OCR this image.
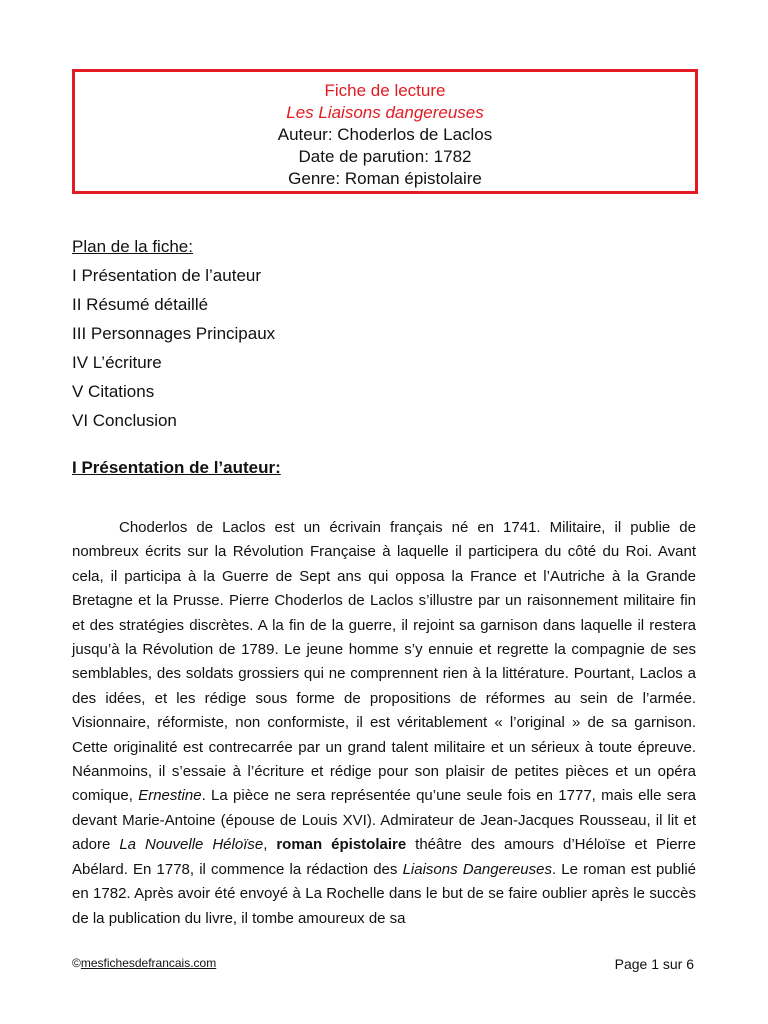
Fiche de lecture
Les Liaisons dangereuses
Auteur: Choderlos de Laclos
Date de parution: 1782
Genre: Roman épistolaire
Plan de la fiche:
I Présentation de l’auteur
II Résumé détaillé
III Personnages Principaux
IV L’écriture
V Citations
VI Conclusion
I Présentation de l’auteur:

Choderlos de Laclos est un écrivain français né en 1741. Militaire, il publie de nombreux écrits sur la Révolution Française à laquelle il participera du côté du Roi. Avant cela, il participa à la Guerre de Sept ans qui opposa la France et l’Autriche à la Grande Bretagne et la Prusse. Pierre Choderlos de Laclos s’illustre par un raisonnement militaire fin et des stratégies discrètes. A la fin de la guerre, il rejoint sa garnison dans laquelle il restera jusqu’à la Révolution de 1789. Le jeune homme s’y ennuie et regrette la compagnie de ses semblables, des soldats grossiers qui ne comprennent rien à la littérature. Pourtant, Laclos a des idées, et les rédige sous forme de propositions de réformes au sein de l’armée. Visionnaire, réformiste, non conformiste, il est véritablement « l’original » de sa garnison. Cette originalité est contrecarrée par un grand talent militaire et un sérieux à toute épreuve. Néanmoins, il s’essaie à l’écriture et rédige pour son plaisir de petites pièces et un opéra comique, Ernestine. La pièce ne sera représentée qu’une seule fois en 1777, mais elle sera devant Marie-Antoine (épouse de Louis XVI). Admirateur de Jean-Jacques Rousseau, il lit et adore La Nouvelle Héloïse, roman épistolaire théâtre des amours d’Héloïse et Pierre Abélard. En 1778, il commence la rédaction des Liaisons Dangereuses. Le roman est publié en 1782. Après avoir été envoyé à La Rochelle dans le but de se faire oublier après le succès de la publication du livre, il tombe amoureux de sa

©mesfichesdefrancais.com	Page 1 sur 6
